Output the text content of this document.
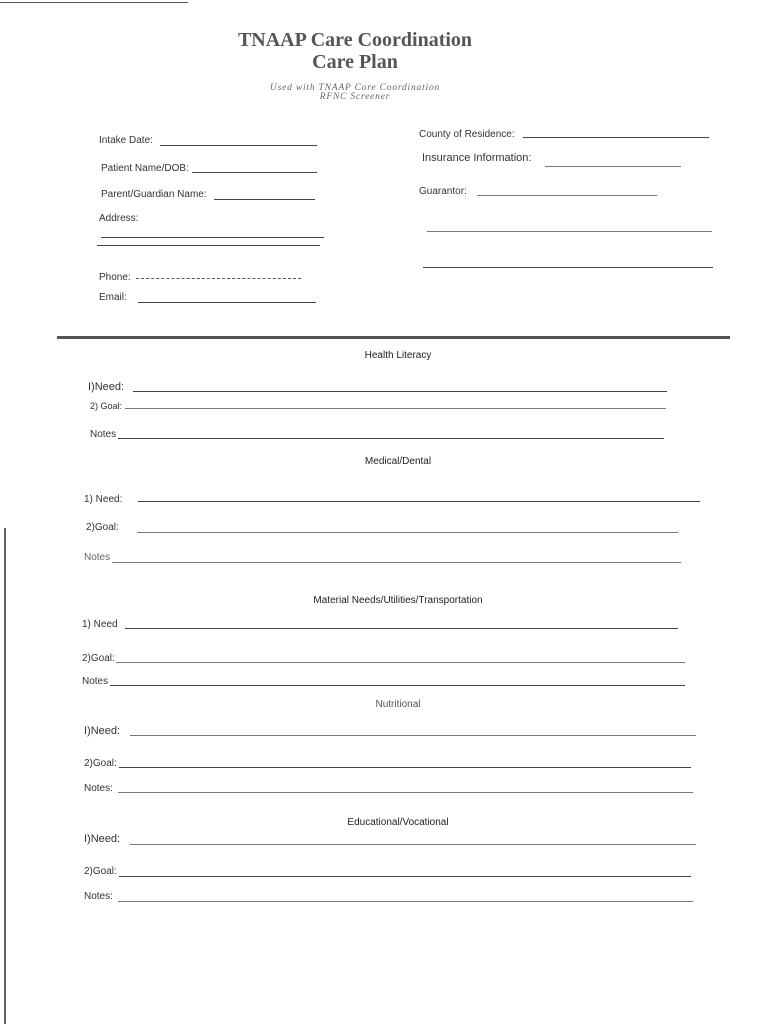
TNAAP Care Coordination
Care Plan
Used with TNAAP Core Coordination
RFNC Screener
Intake Date:
Patient Name/DOB:
Parent/Guardian Name:
Address:
Phone:
Email:
County of Residence:
Insurance Information:
Guarantor:
Health Literacy
I)Need:
2) Goal:
Notes
Medical/Dental
1) Need:
2)Goal:
Notes
Material Needs/Utilities/Transportation
1) Need
2)Goal:
Notes
Nutritional
I)Need:
2)Goal:
Notes:
Educational/Vocational
I)Need:
2)Goal:
Notes:
